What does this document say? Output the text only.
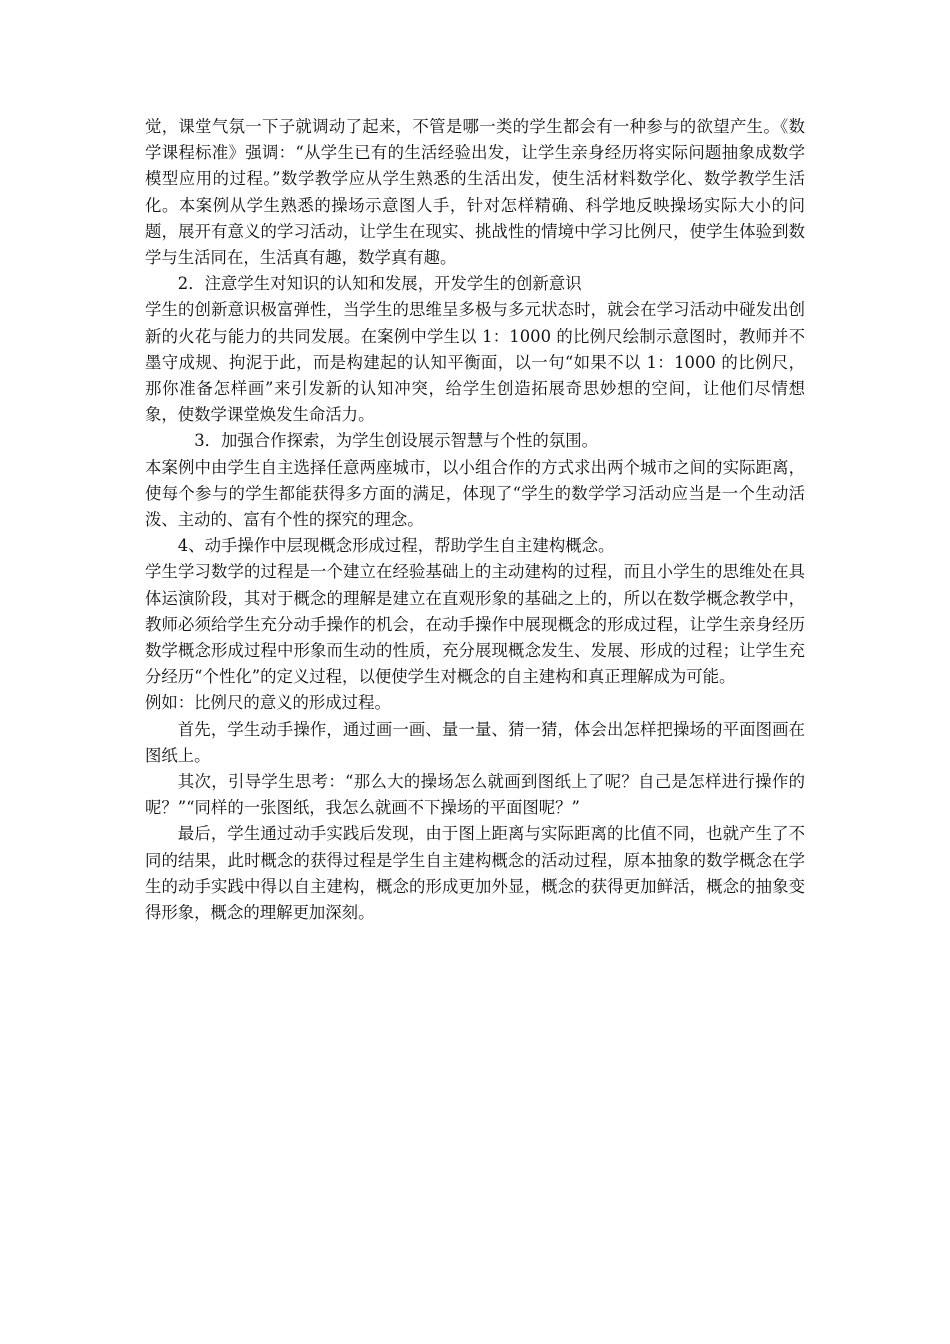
觉，课堂气氛一下子就调动了起来，不管是哪一类的学生都会有一种参与的欲望产生。《数学课程标准》强调：“从学生已有的生活经验出发，让学生亲身经历将实际问题抽象成数学模型应用的过程。”数学教学应从学生熟悉的生活出发，使生活材料数学化、数学教学生活化。本案例从学生熟悉的操场示意图人手，针对怎样精确、科学地反映操场实际大小的问题，展开有意义的学习活动，让学生在现实、挑战性的情境中学习比例尺，使学生体验到数学与生活同在，生活真有趣，数学真有趣。

2．注意学生对知识的认知和发展，开发学生的创新意识

学生的创新意识极富弹性，当学生的思维呈多极与多元状态时，就会在学习活动中碰发出创新的火花与能力的共同发展。在案例中学生以 1：1000 的比例尺绘制示意图时，教师并不墨守成规、拘泥于此，而是构建起的认知平衡面，以一句“如果不以 1：1000 的比例尺，那你准备怎样画”来引发新的认知冲突，给学生创造拓展奇思妙想的空间，让他们尽情想象，使数学课堂焕发生命活力。

3．加强合作探索，为学生创设展示智慧与个性的氛围。

本案例中由学生自主选择任意两座城市，以小组合作的方式求出两个城市之间的实际距离，使每个参与的学生都能获得多方面的满足，体现了“学生的数学学习活动应当是一个生动活泼、主动的、富有个性的探究的理念。

4、动手操作中层现概念形成过程，帮助学生自主建构概念。

学生学习数学的过程是一个建立在经验基础上的主动建构的过程，而且小学生的思维处在具体运演阶段，其对于概念的理解是建立在直观形象的基础之上的，所以在数学概念教学中，教师必须给学生充分动手操作的机会，在动手操作中展现概念的形成过程，让学生亲身经历数学概念形成过程中形象而生动的性质，充分展现概念发生、发展、形成的过程；让学生充分经历“个性化”的定义过程，以便使学生对概念的自主建构和真正理解成为可能。

例如：比例尺的意义的形成过程。

首先，学生动手操作，通过画一画、量一量、猜一猜，体会出怎样把操场的平面图画在图纸上。

其次，引导学生思考：“那么大的操场怎么就画到图纸上了呢？自己是怎样进行操作的呢？”“同样的一张图纸，我怎么就画不下操场的平面图呢？”

最后，学生通过动手实践后发现，由于图上距离与实际距离的比值不同，也就产生了不同的结果，此时概念的获得过程是学生自主建构概念的活动过程，原本抽象的数学概念在学生的动手实践中得以自主建构，概念的形成更加外显，概念的获得更加鲜活，概念的抽象变得形象，概念的理解更加深刻。
